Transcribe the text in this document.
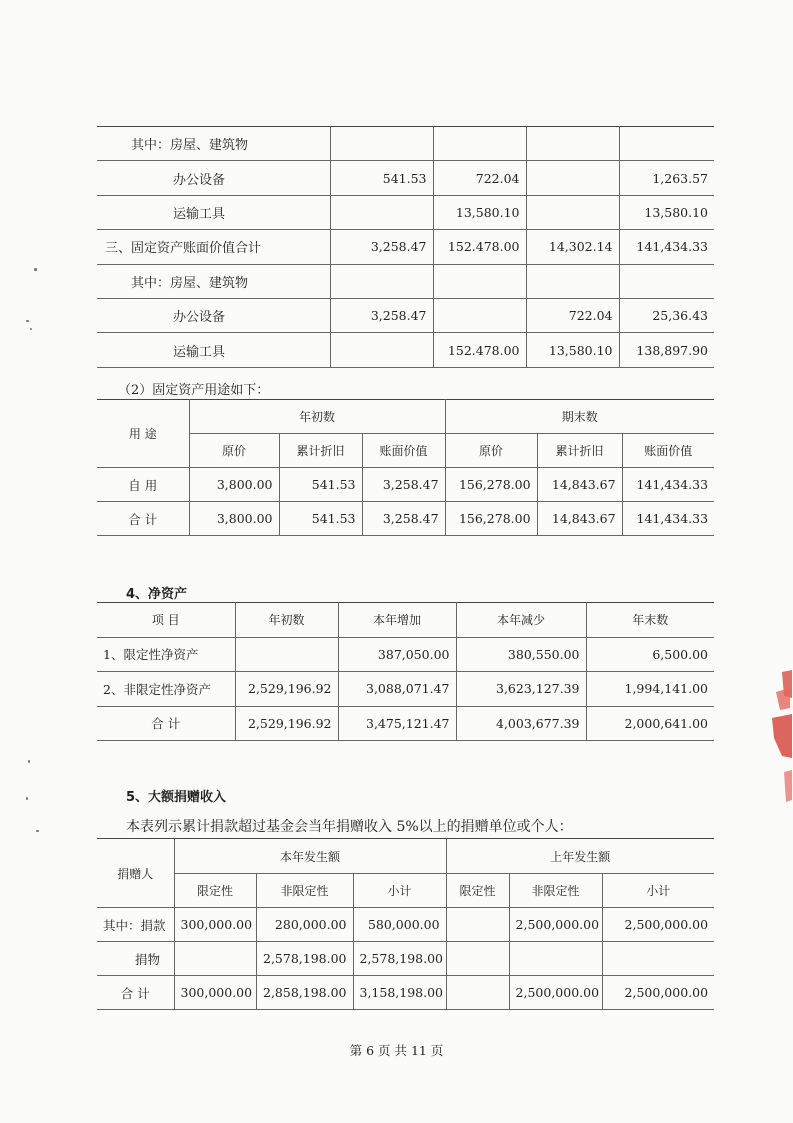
其中：房屋、建筑物				
办公设备	541.53	722.04		1,263.57
运输工具		13,580.10		13,580.10
三、固定资产账面价值合计	3,258.47	152.478.00	14,302.14	141,434.33
其中：房屋、建筑物				
办公设备	3,258.47		722.04	25,36.43
运输工具		152.478.00	13,580.10	138,897.90
（2）固定资产用途如下：
用 途	年初数			期末数		
	原价	累计折旧	账面价值	原价	累计折旧	账面价值
自 用	3,800.00	541.53	3,258.47	156,278.00	14,843.67	141,434.33
合 计	3,800.00	541.53	3,258.47	156,278.00	14,843.67	141,434.33
4、净资产
项 目	年初数	本年增加	本年减少	年末数
1、限定性净资产		387,050.00	380,550.00	6,500.00
2、非限定性净资产	2,529,196.92	3,088,071.47	3,623,127.39	1,994,141.00
合 计	2,529,196.92	3,475,121.47	4,003,677.39	2,000,641.00
5、大额捐赠收入
本表列示累计捐款超过基金会当年捐赠收入 5%以上的捐赠单位或个人：
捐赠人	本年发生额			上年发生额		
	限定性	非限定性	小计	限定性	非限定性	小计
其中：捐款	300,000.00	280,000.00	580,000.00		2,500,000.00	2,500,000.00
捐物		2,578,198.00	2,578,198.00			
合 计	300,000.00	2,858,198.00	3,158,198.00		2,500,000.00	2,500,000.00
第 6 页 共 11 页
